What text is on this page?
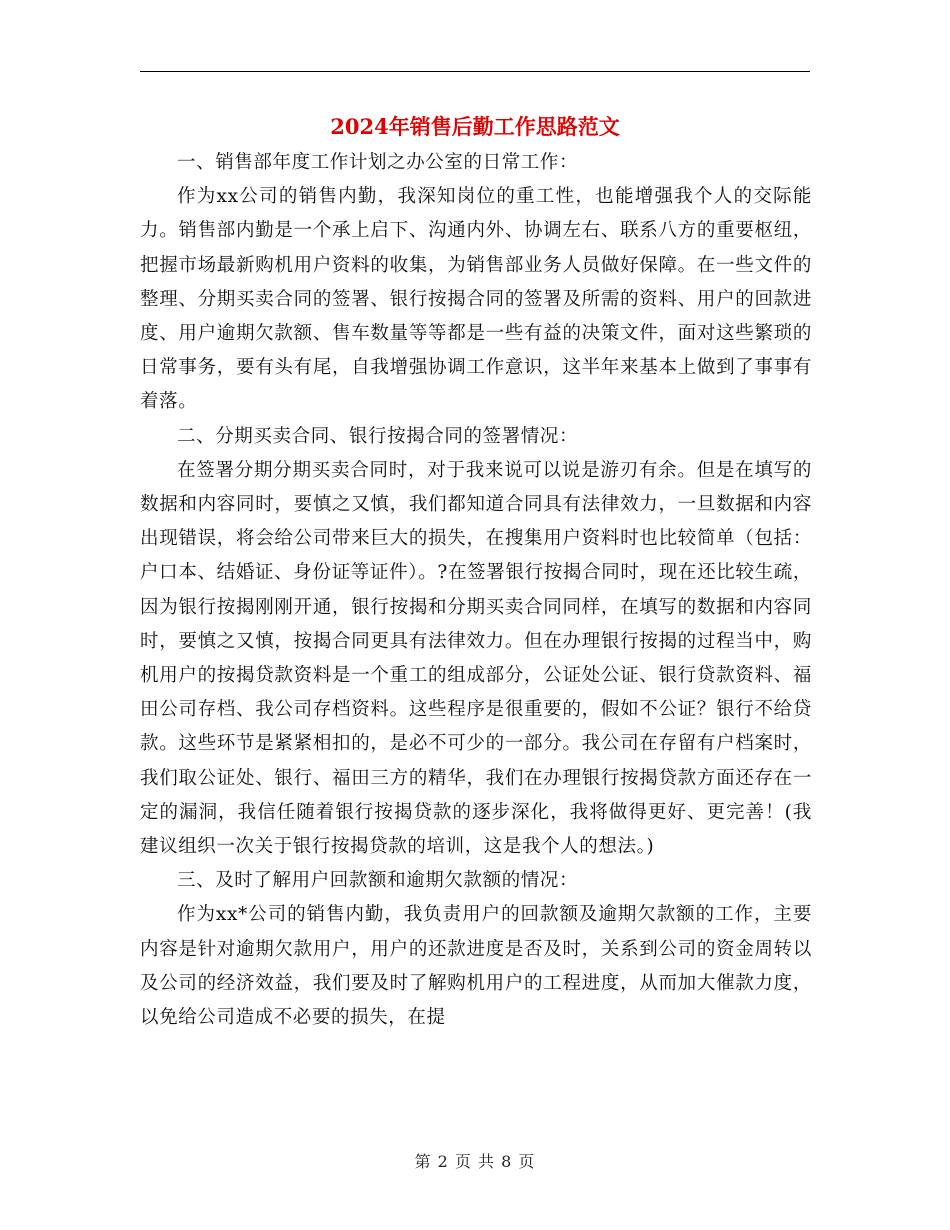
2024年销售后勤工作思路范文

一、销售部年度工作计划之办公室的日常工作：

作为xx公司的销售内勤，我深知岗位的重工性，也能增强我个人的交际能力。销售部内勤是一个承上启下、沟通内外、协调左右、联系八方的重要枢纽，把握市场最新购机用户资料的收集，为销售部业务人员做好保障。在一些文件的整理、分期买卖合同的签署、银行按揭合同的签署及所需的资料、用户的回款进度、用户逾期欠款额、售车数量等等都是一些有益的决策文件，面对这些繁琐的日常事务，要有头有尾，自我增强协调工作意识，这半年来基本上做到了事事有着落。

二、分期买卖合同、银行按揭合同的签署情况：

在签署分期分期买卖合同时，对于我来说可以说是游刃有余。但是在填写的数据和内容同时，要慎之又慎，我们都知道合同具有法律效力，一旦数据和内容出现错误，将会给公司带来巨大的损失，在搜集用户资料时也比较简单（包括：户口本、结婚证、身份证等证件）。?在签署银行按揭合同时，现在还比较生疏，因为银行按揭刚刚开通，银行按揭和分期买卖合同同样，在填写的数据和内容同时，要慎之又慎，按揭合同更具有法律效力。但在办理银行按揭的过程当中，购机用户的按揭贷款资料是一个重工的组成部分，公证处公证、银行贷款资料、福田公司存档、我公司存档资料。这些程序是很重要的，假如不公证？银行不给贷款。这些环节是紧紧相扣的，是必不可少的一部分。我公司在存留有户档案时，我们取公证处、银行、福田三方的精华，我们在办理银行按揭贷款方面还存在一定的漏洞，我信任随着银行按揭贷款的逐步深化，我将做得更好、更完善！(我建议组织一次关于银行按揭贷款的培训，这是我个人的想法。)

三、及时了解用户回款额和逾期欠款额的情况：

作为xx*公司的销售内勤，我负责用户的回款额及逾期欠款额的工作，主要内容是针对逾期欠款用户，用户的还款进度是否及时，关系到公司的资金周转以及公司的经济效益，我们要及时了解购机用户的工程进度，从而加大催款力度，以免给公司造成不必要的损失，在提

第 2 页 共 8 页
